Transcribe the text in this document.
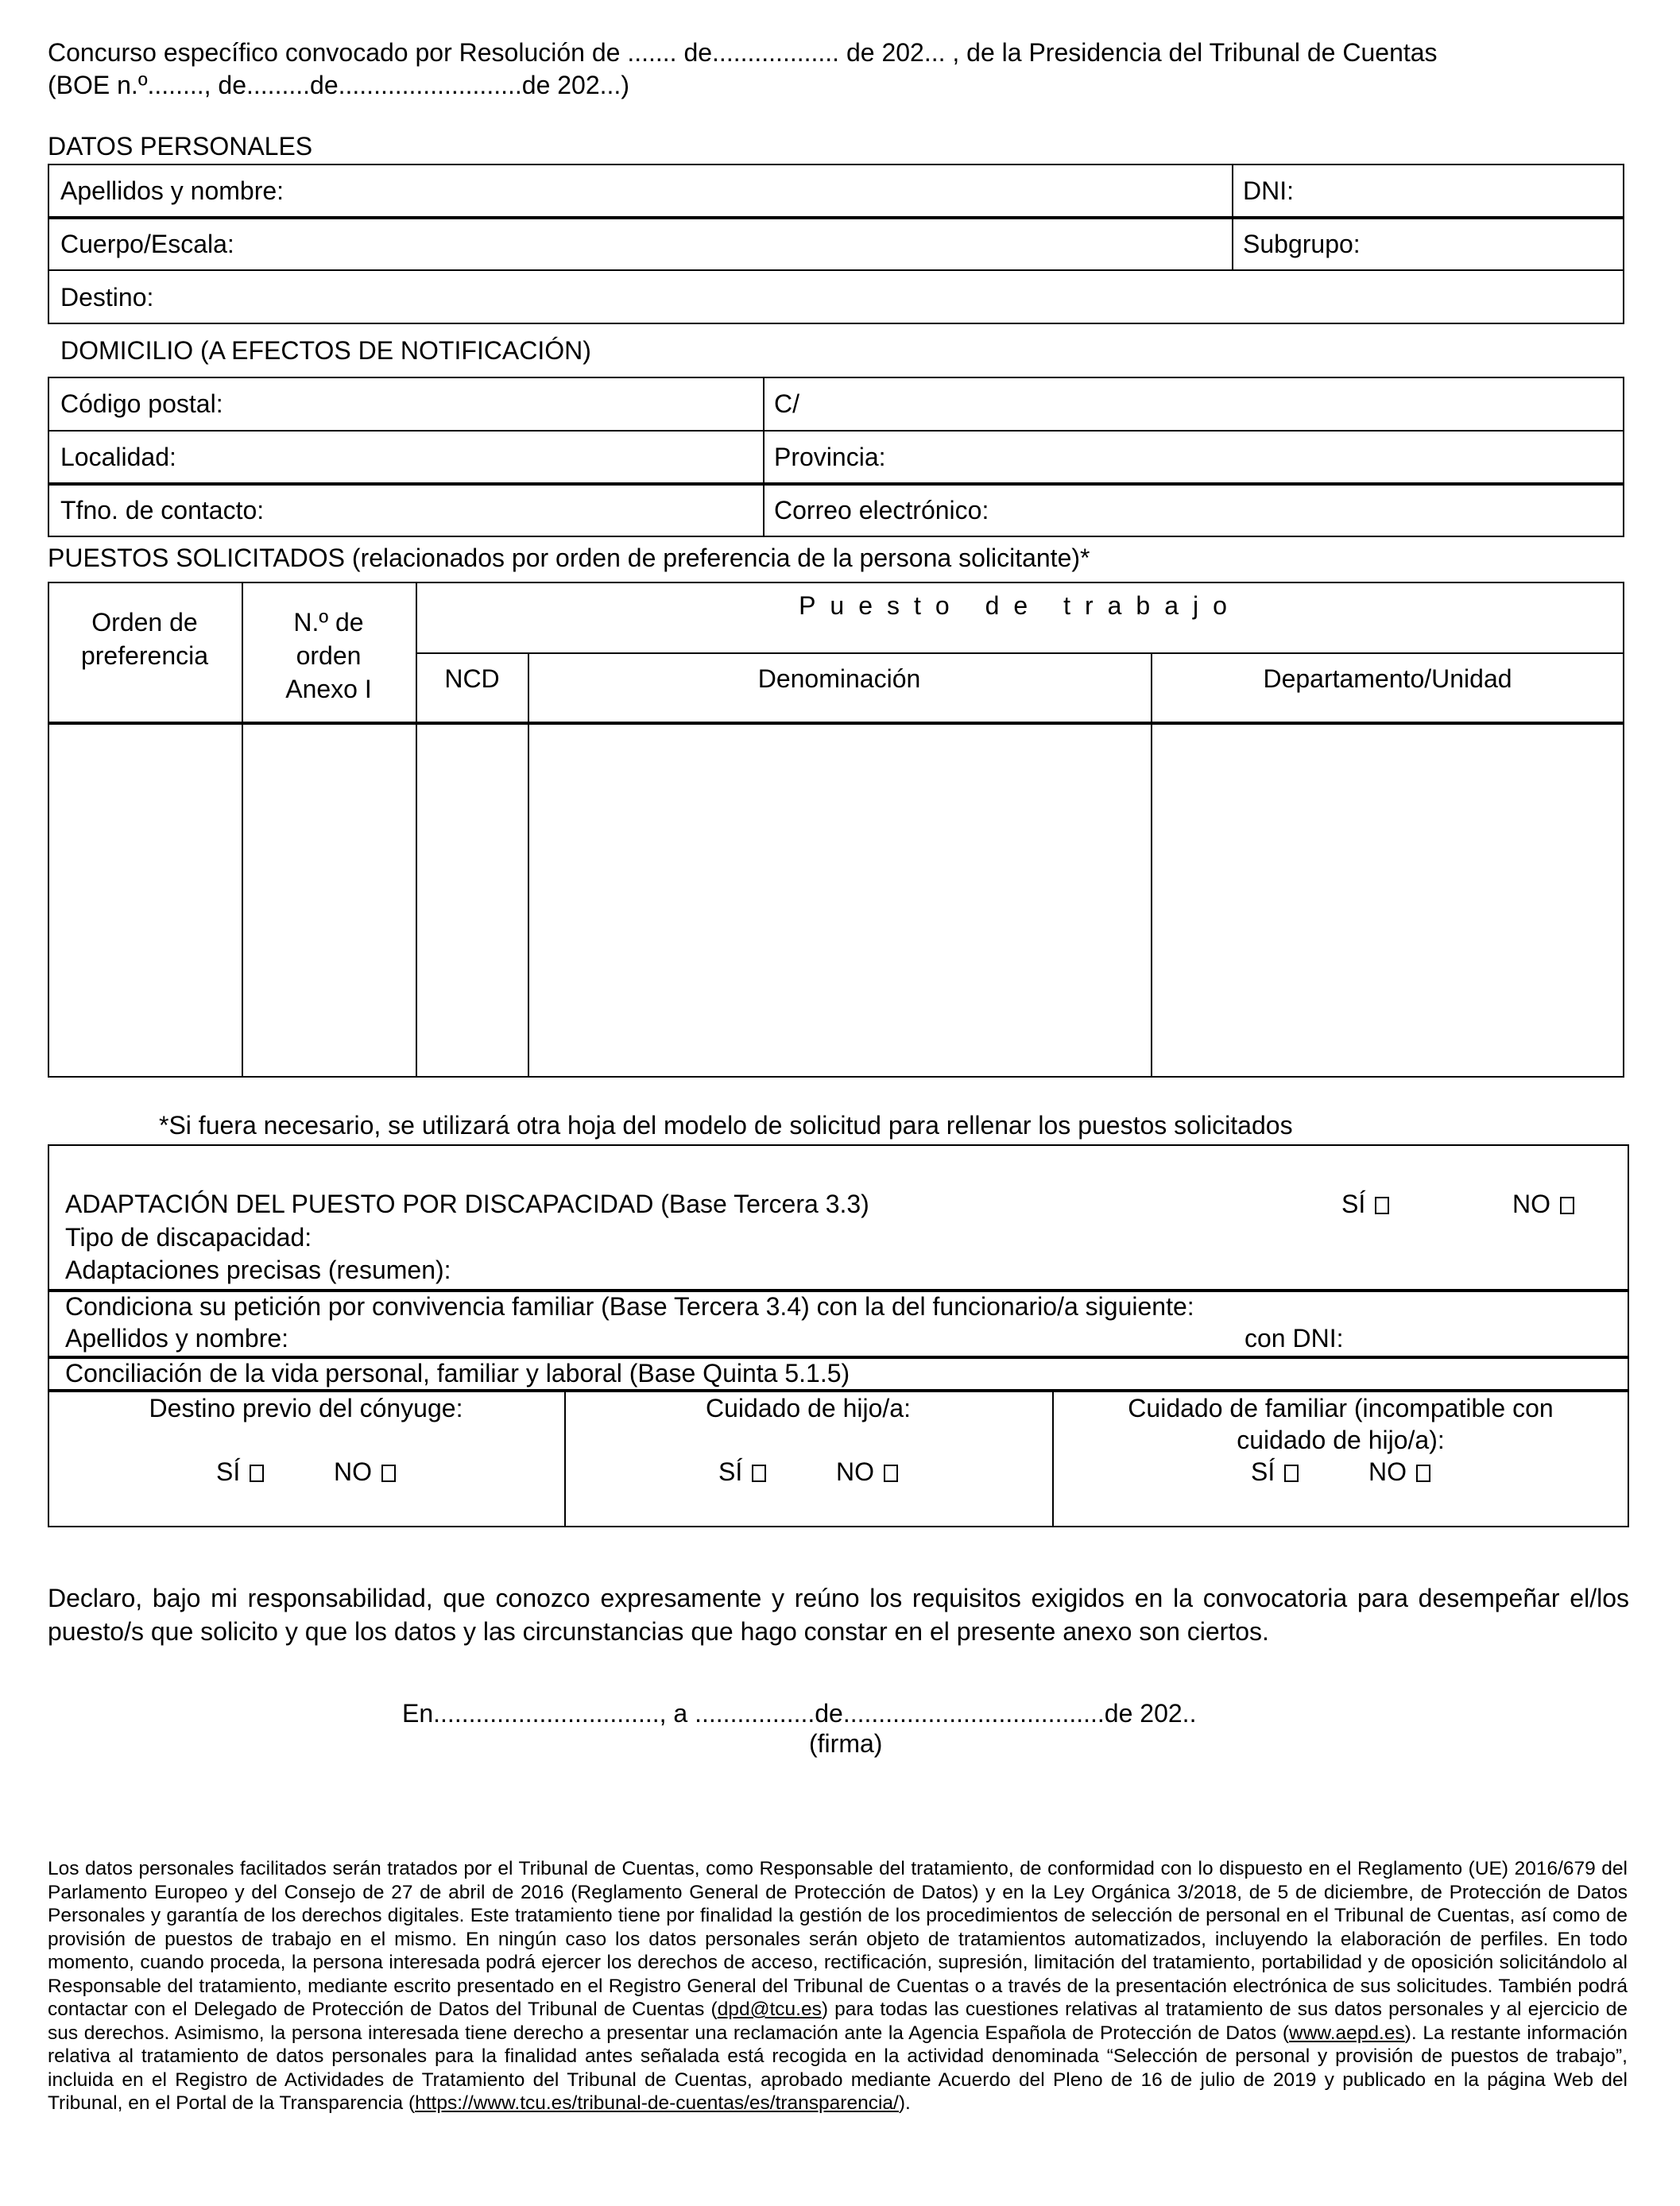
Concurso específico convocado por Resolución de ....... de.................. de 202... , de la Presidencia del Tribunal de Cuentas
(BOE n.º........, de.........de..........................de 202...)
DATOS PERSONALES
Apellidos y nombre:	DNI:
Cuerpo/Escala:	Subgrupo:
Destino:
DOMICILIO (A EFECTOS DE NOTIFICACIÓN)
Código postal:	C/
Localidad:	Provincia:
Tfno. de contacto:	Correo electrónico:
PUESTOS SOLICITADOS (relacionados por orden de preferencia de la persona solicitante)*
Orden de
preferencia
N.º de
orden
Anexo I
Puesto de trabajo
NCD	Denominación	Departamento/Unidad
*Si fuera necesario, se utilizará otra hoja del modelo de solicitud para rellenar los puestos solicitados
ADAPTACIÓN DEL PUESTO POR DISCAPACIDAD (Base Tercera 3.3)	SÍ	NO
Tipo de discapacidad:
Adaptaciones precisas (resumen):
Condiciona su petición por convivencia familiar (Base Tercera 3.4) con la del funcionario/a siguiente:
Apellidos y nombre:	con DNI:
Conciliación de la vida personal, familiar y laboral (Base Quinta 5.1.5)
Destino previo del cónyuge:
SÍ	NO
Cuidado de hijo/a:
SÍ	NO
Cuidado de familiar (incompatible con
cuidado de hijo/a):
SÍ	NO
Declaro, bajo mi responsabilidad, que conozco expresamente y reúno los requisitos exigidos en la convocatoria para desempeñar el/los puesto/s que solicito y que los datos y las circunstancias que hago constar en el presente anexo son ciertos.
En................................, a .................de.....................................de 202..
(firma)
Los datos personales facilitados serán tratados por el Tribunal de Cuentas, como Responsable del tratamiento, de conformidad con lo dispuesto en el Reglamento (UE) 2016/679 del Parlamento Europeo y del Consejo de 27 de abril de 2016 (Reglamento General de Protección de Datos) y en la Ley Orgánica 3/2018, de 5 de diciembre, de Protección de Datos Personales y garantía de los derechos digitales. Este tratamiento tiene por finalidad la gestión de los procedimientos de selección de personal en el Tribunal de Cuentas, así como de provisión de puestos de trabajo en el mismo. En ningún caso los datos personales serán objeto de tratamientos automatizados, incluyendo la elaboración de perfiles. En todo momento, cuando proceda, la persona interesada podrá ejercer los derechos de acceso, rectificación, supresión, limitación del tratamiento, portabilidad y de oposición solicitándolo al Responsable del tratamiento, mediante escrito presentado en el Registro General del Tribunal de Cuentas o a través de la presentación electrónica de sus solicitudes. También podrá contactar con el Delegado de Protección de Datos del Tribunal de Cuentas (dpd@tcu.es) para todas las cuestiones relativas al tratamiento de sus datos personales y al ejercicio de sus derechos. Asimismo, la persona interesada tiene derecho a presentar una reclamación ante la Agencia Española de Protección de Datos (www.aepd.es). La restante información relativa al tratamiento de datos personales para la finalidad antes señalada está recogida en la actividad denominada “Selección de personal y provisión de puestos de trabajo”, incluida en el Registro de Actividades de Tratamiento del Tribunal de Cuentas, aprobado mediante Acuerdo del Pleno de 16 de julio de 2019 y publicado en la página Web del Tribunal, en el Portal de la Transparencia (https://www.tcu.es/tribunal-de-cuentas/es/transparencia/).
